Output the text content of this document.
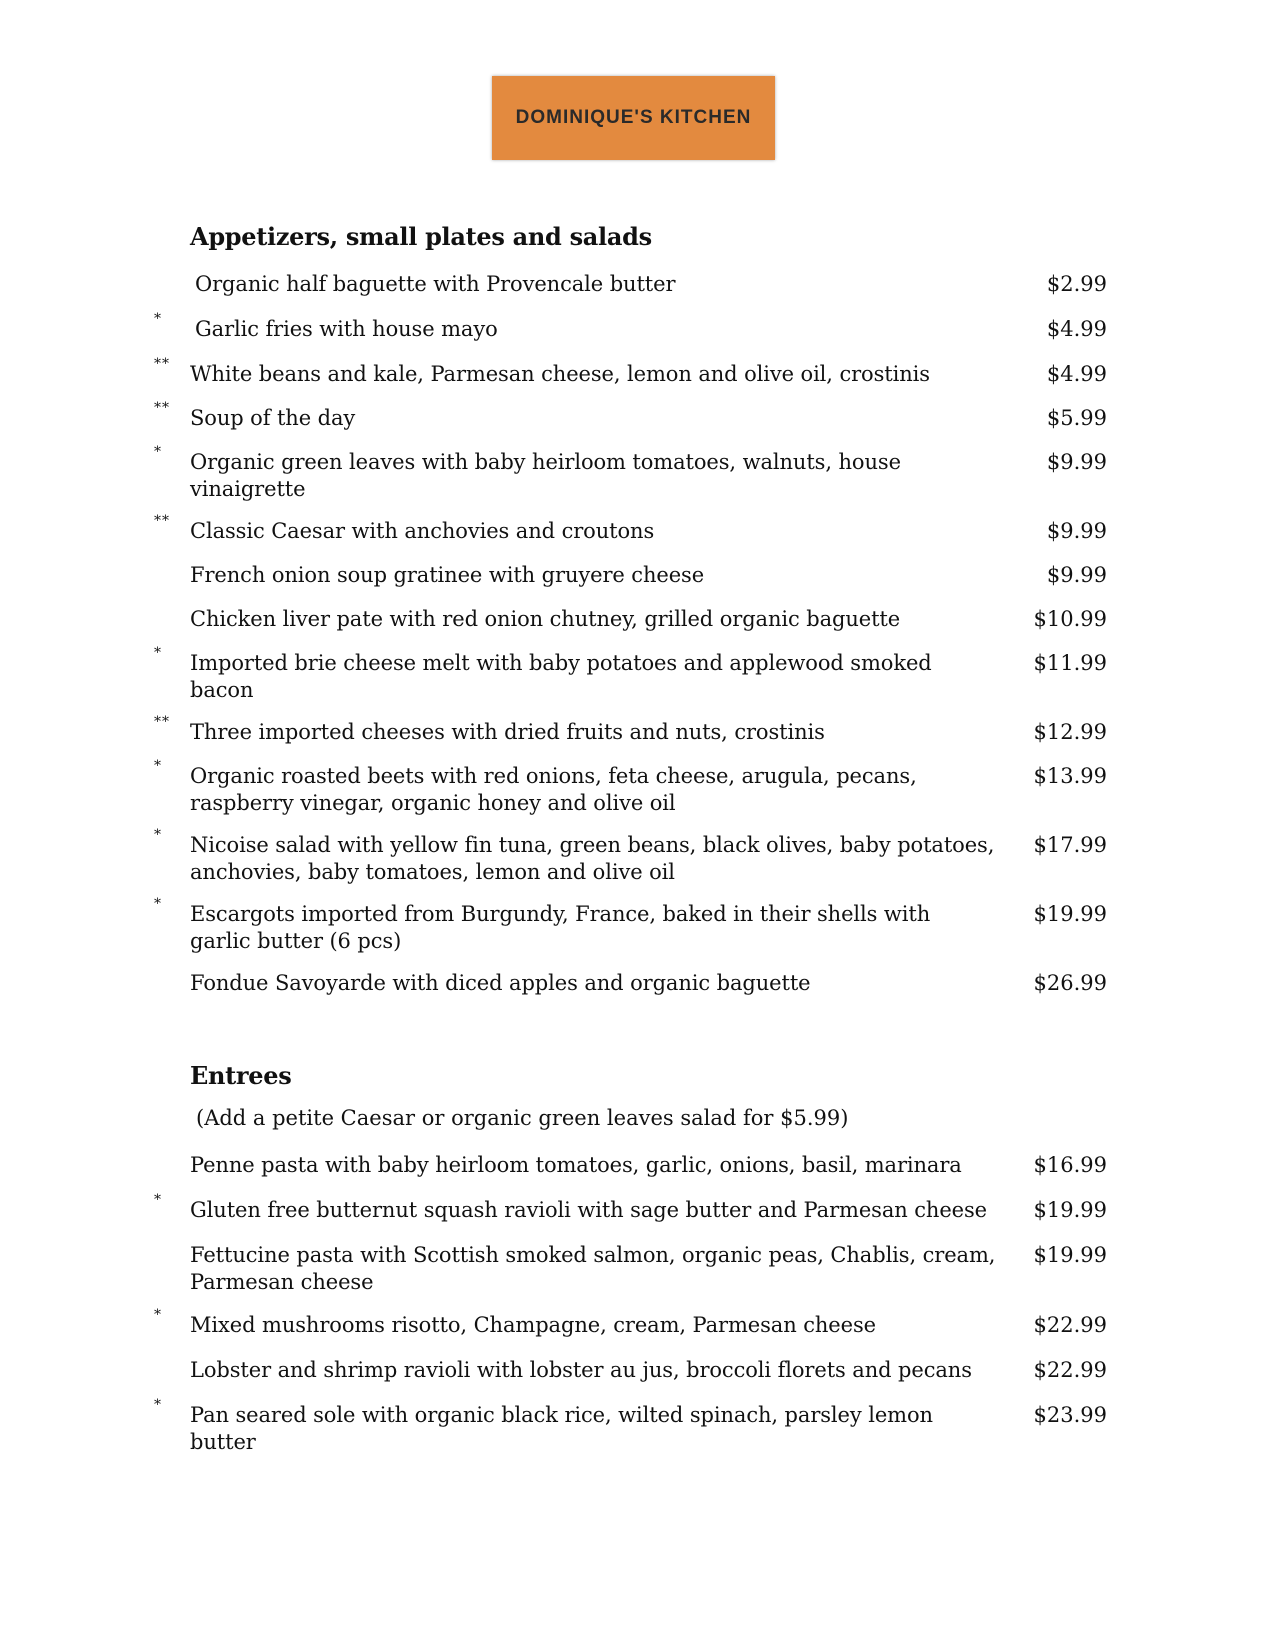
DOMINIQUE'S KITCHEN
Appetizers, small plates and salads
Organic half baguette with Provencale butter	$2.99
* Garlic fries with house mayo	$4.99
** White beans and kale, Parmesan cheese, lemon and olive oil, crostinis	$4.99
** Soup of the day	$5.99
* Organic green leaves with baby heirloom tomatoes, walnuts, house vinaigrette
$9.99
** Classic Caesar with anchovies and croutons	$9.99
French onion soup gratinee with gruyere cheese	$9.99
Chicken liver pate with red onion chutney, grilled organic baguette	$10.99
* Imported brie cheese melt with baby potatoes and applewood smoked bacon
$11.99
** Three imported cheeses with dried fruits and nuts, crostinis	$12.99
* Organic roasted beets with red onions, feta cheese, arugula, pecans, raspberry vinegar, organic honey and olive oil
$13.99
* Nicoise salad with yellow fin tuna, green beans, black olives, baby potatoes, anchovies, baby tomatoes, lemon and olive oil
$17.99
* Escargots imported from Burgundy, France, baked in their shells with garlic butter (6 pcs)
$19.99
Fondue Savoyarde with diced apples and organic baguette	$26.99
Entrees
(Add a petite Caesar or organic green leaves salad for $5.99)
Penne pasta with baby heirloom tomatoes, garlic, onions, basil, marinara	$16.99
* Gluten free butternut squash ravioli with sage butter and Parmesan cheese	$19.99
Fettucine pasta with Scottish smoked salmon, organic peas, Chablis, cream, Parmesan cheese
$19.99
* Mixed mushrooms risotto, Champagne, cream, Parmesan cheese	$22.99
Lobster and shrimp ravioli with lobster au jus, broccoli florets and pecans	$22.99
* Pan seared sole with organic black rice, wilted spinach, parsley lemon butter
$23.99
